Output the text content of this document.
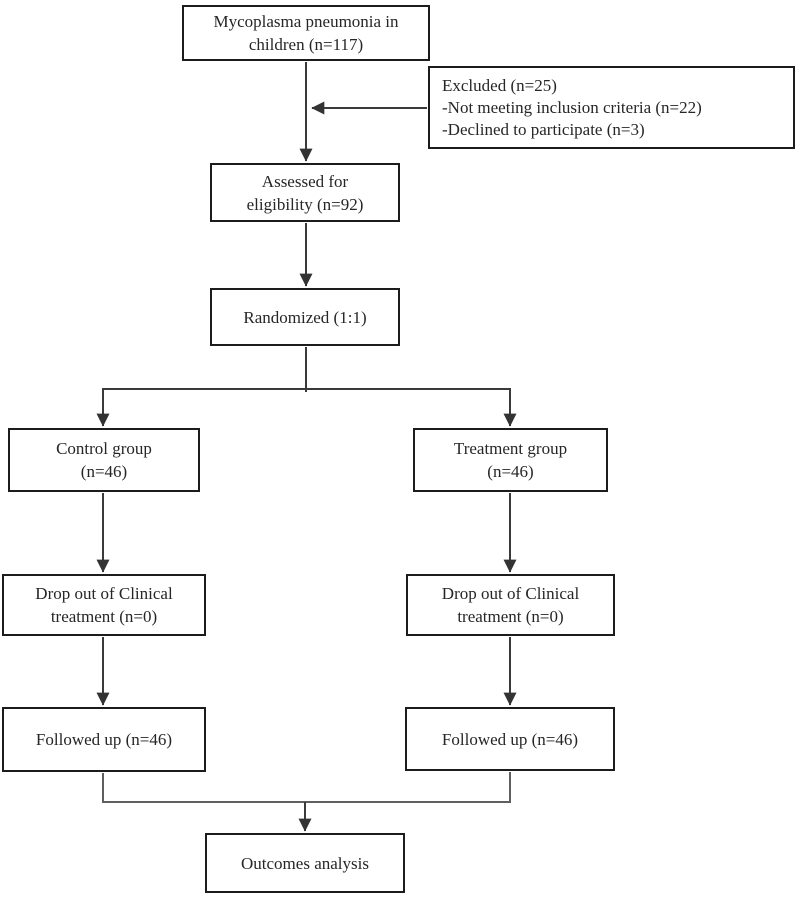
Mycoplasma pneumonia in
children (n=117)
Excluded (n=25)
-Not meeting inclusion criteria (n=22)
-Declined to participate (n=3)
Assessed for
eligibility (n=92)
Randomized (1:1)
Control group
(n=46)
Treatment group
(n=46)
Drop out of Clinical
treatment (n=0)
Drop out of Clinical
treatment (n=0)
Followed up (n=46)	Followed up (n=46)
Outcomes analysis
